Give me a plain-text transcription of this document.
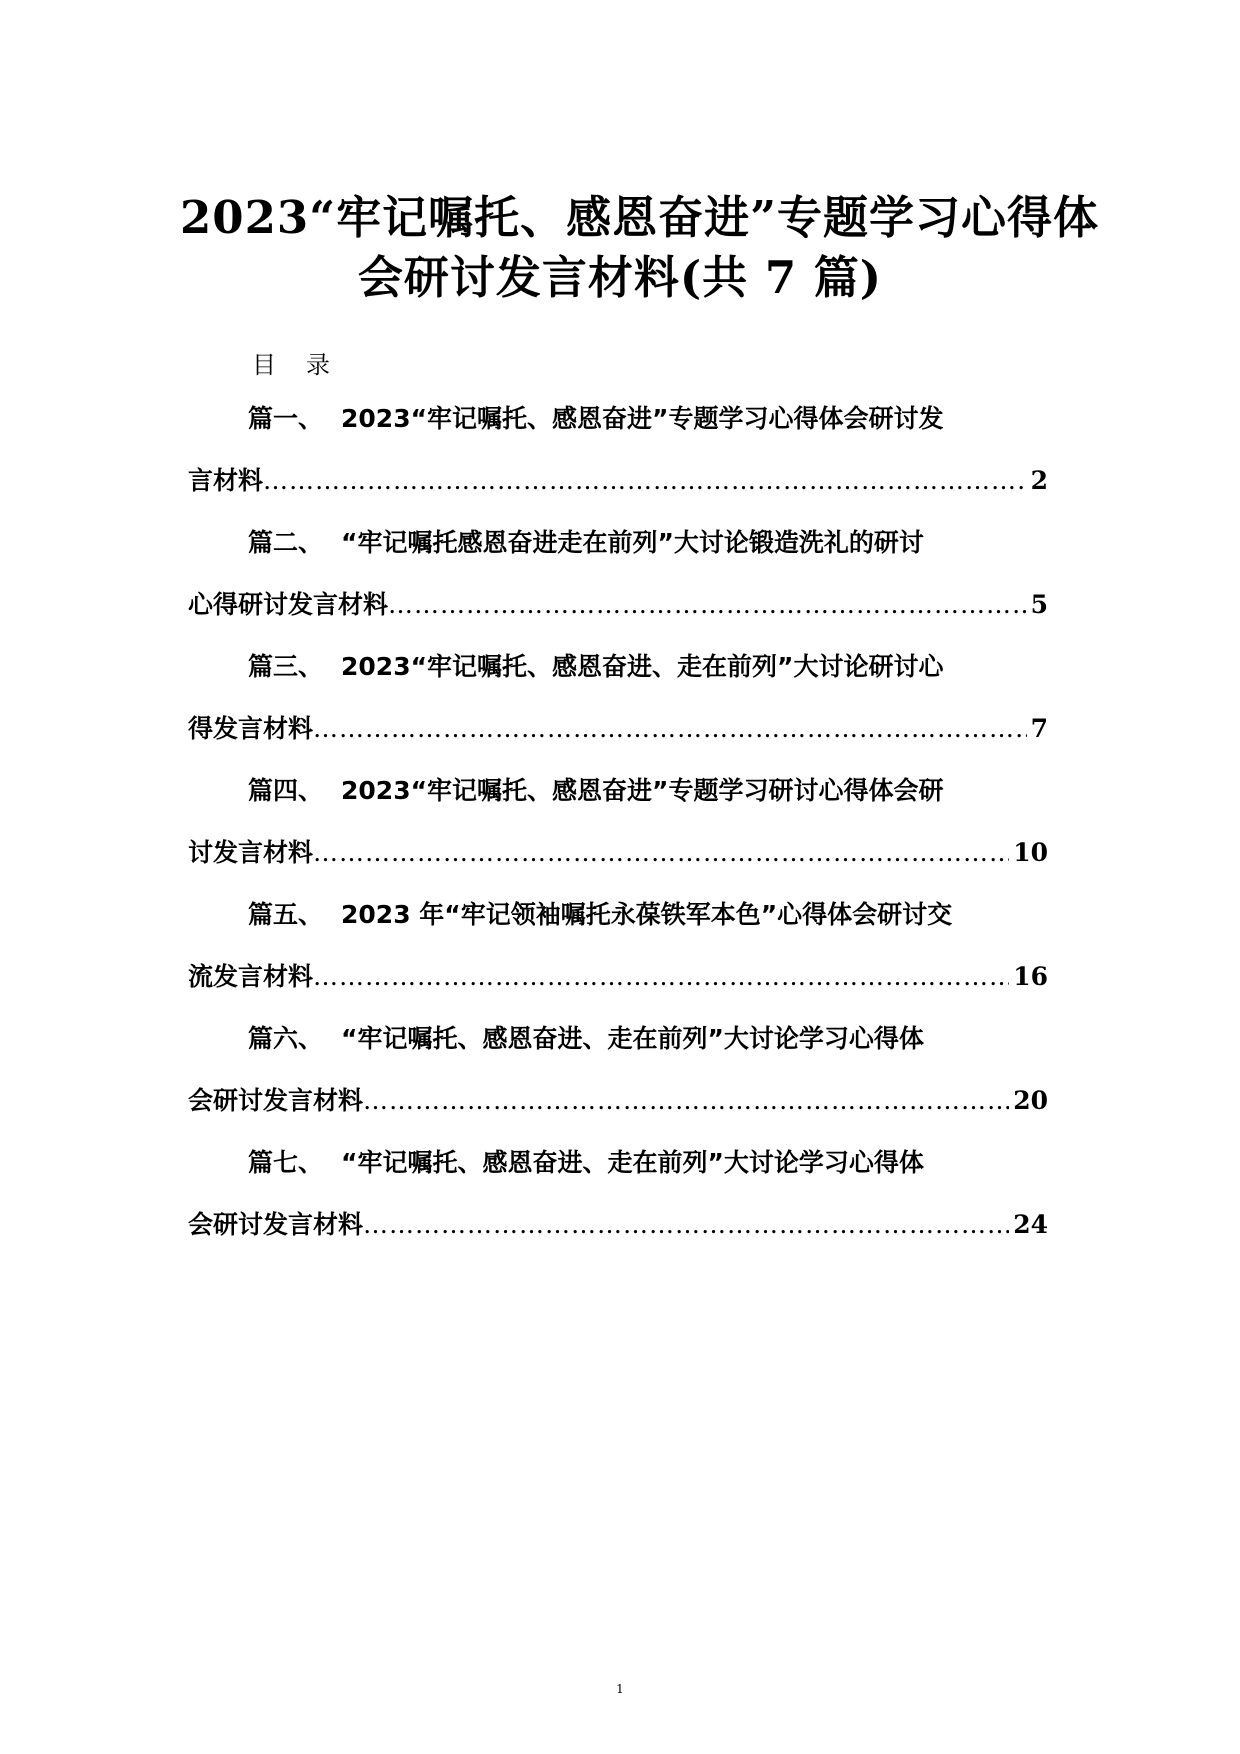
2023“牢记嘱托、感恩奋进”专题学习心得体
会研讨发言材料(共 7 篇)
目录
篇一、 2023“牢记嘱托、感恩奋进”专题学习心得体会研讨发
言材料 ……………………………………………………………………………………………………………………………………………………	2
篇二、 “牢记嘱托感恩奋进走在前列”大讨论锻造洗礼的研讨
心得研讨发言材料 ……………………………………………………………………………………………………………………………………………………	5
篇三、 2023“牢记嘱托、感恩奋进、走在前列”大讨论研讨心
得发言材料 ……………………………………………………………………………………………………………………………………………………	7
篇四、 2023“牢记嘱托、感恩奋进”专题学习研讨心得体会研
讨发言材料 ……………………………………………………………………………………………………………………………………………………	10
篇五、 2023 年“牢记领袖嘱托永葆铁军本色”心得体会研讨交
流发言材料 ……………………………………………………………………………………………………………………………………………………	16
篇六、 “牢记嘱托、感恩奋进、走在前列”大讨论学习心得体
会研讨发言材料 ……………………………………………………………………………………………………………………………………………………	20
篇七、 “牢记嘱托、感恩奋进、走在前列”大讨论学习心得体
会研讨发言材料 ……………………………………………………………………………………………………………………………………………………	24
1
